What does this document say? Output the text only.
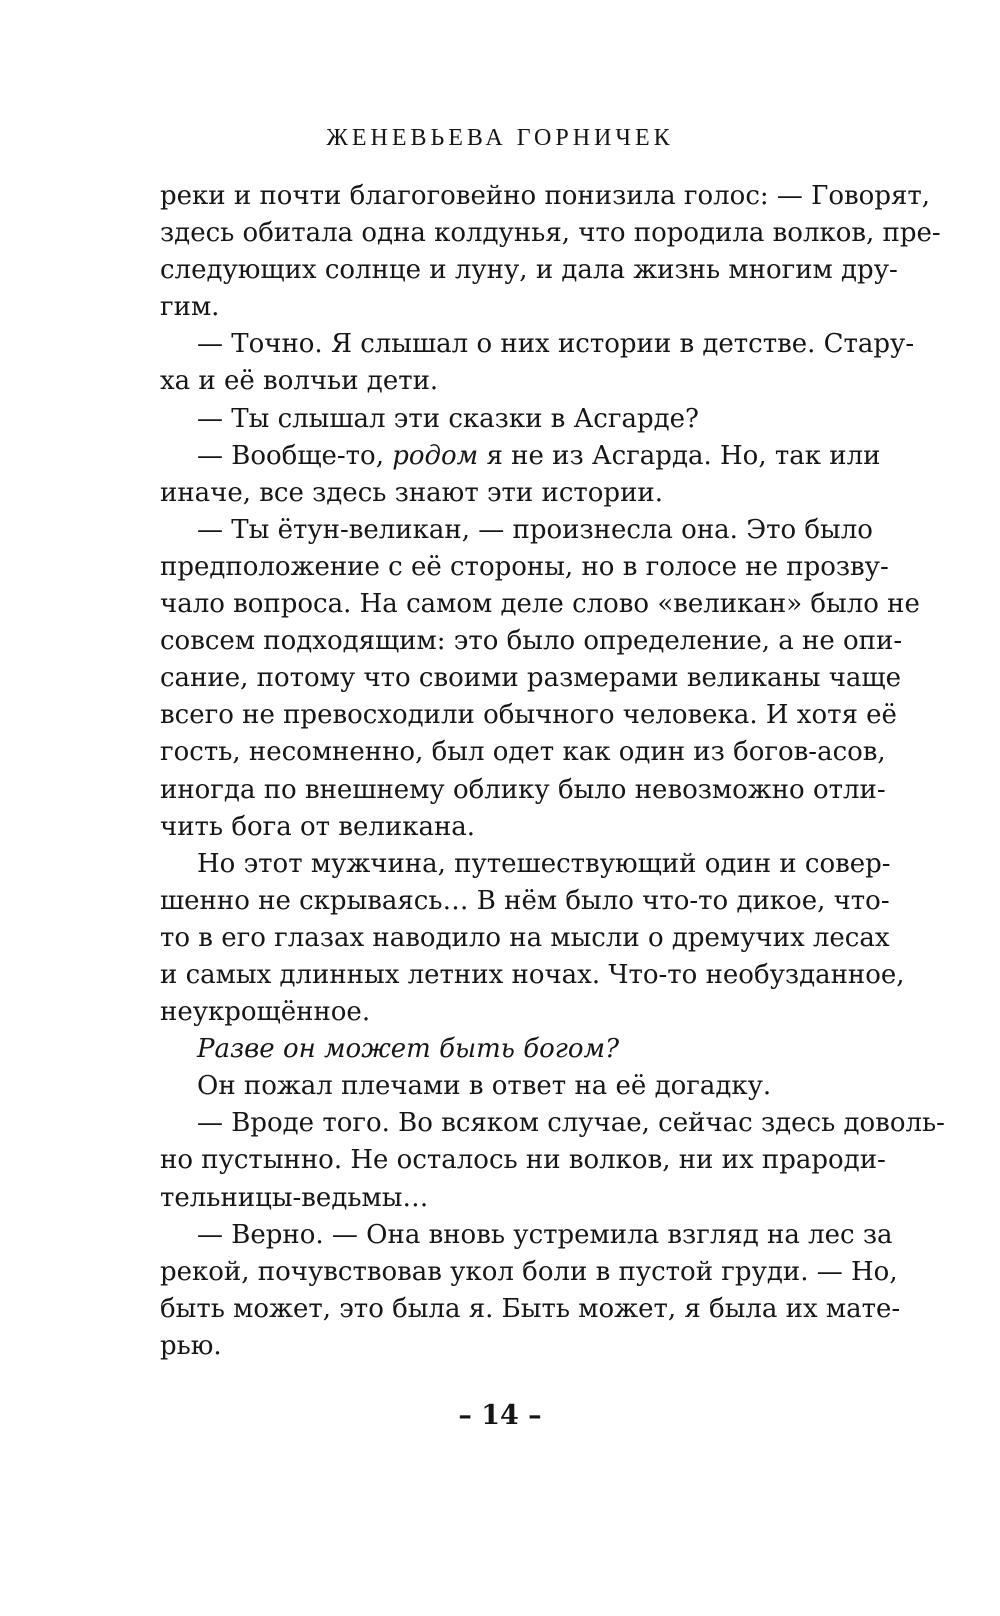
ЖЕНЕВЬЕВА ГОРНИЧЕК
реки и почти благоговейно понизила голос: — Говорят,
здесь обитала одна колдунья, что породила волков, пре-
следующих солнце и луну, и дала жизнь многим дру-
гим.
— Точно. Я слышал о них истории в детстве. Стару-
ха и её волчьи дети.
— Ты слышал эти сказки в Асгарде?
— Вообще-то, родом я не из Асгарда. Но, так или
иначе, все здесь знают эти истории.
— Ты ётун-великан, — произнесла она. Это было
предположение с её стороны, но в голосе не прозву-
чало вопроса. На самом деле слово «великан» было не
совсем подходящим: это было определение, а не опи-
сание, потому что своими размерами великаны чаще
всего не превосходили обычного человека. И хотя её
гость, несомненно, был одет как один из богов-асов,
иногда по внешнему облику было невозможно отли-
чить бога от великана.
Но этот мужчина, путешествующий один и совер-
шенно не скрываясь… В нём было что-то дикое, что-
то в его глазах наводило на мысли о дремучих лесах
и самых длинных летних ночах. Что-то необузданное,
неукрощённое.
Разве он может быть богом?
Он пожал плечами в ответ на её догадку.
— Вроде того. Во всяком случае, сейчас здесь доволь-
но пустынно. Не осталось ни волков, ни их прароди-
тельницы-ведьмы…
— Верно. — Она вновь устремила взгляд на лес за
рекой, почувствовав укол боли в пустой груди. — Но,
быть может, это была я. Быть может, я была их мате-
рью.
– 14 –
